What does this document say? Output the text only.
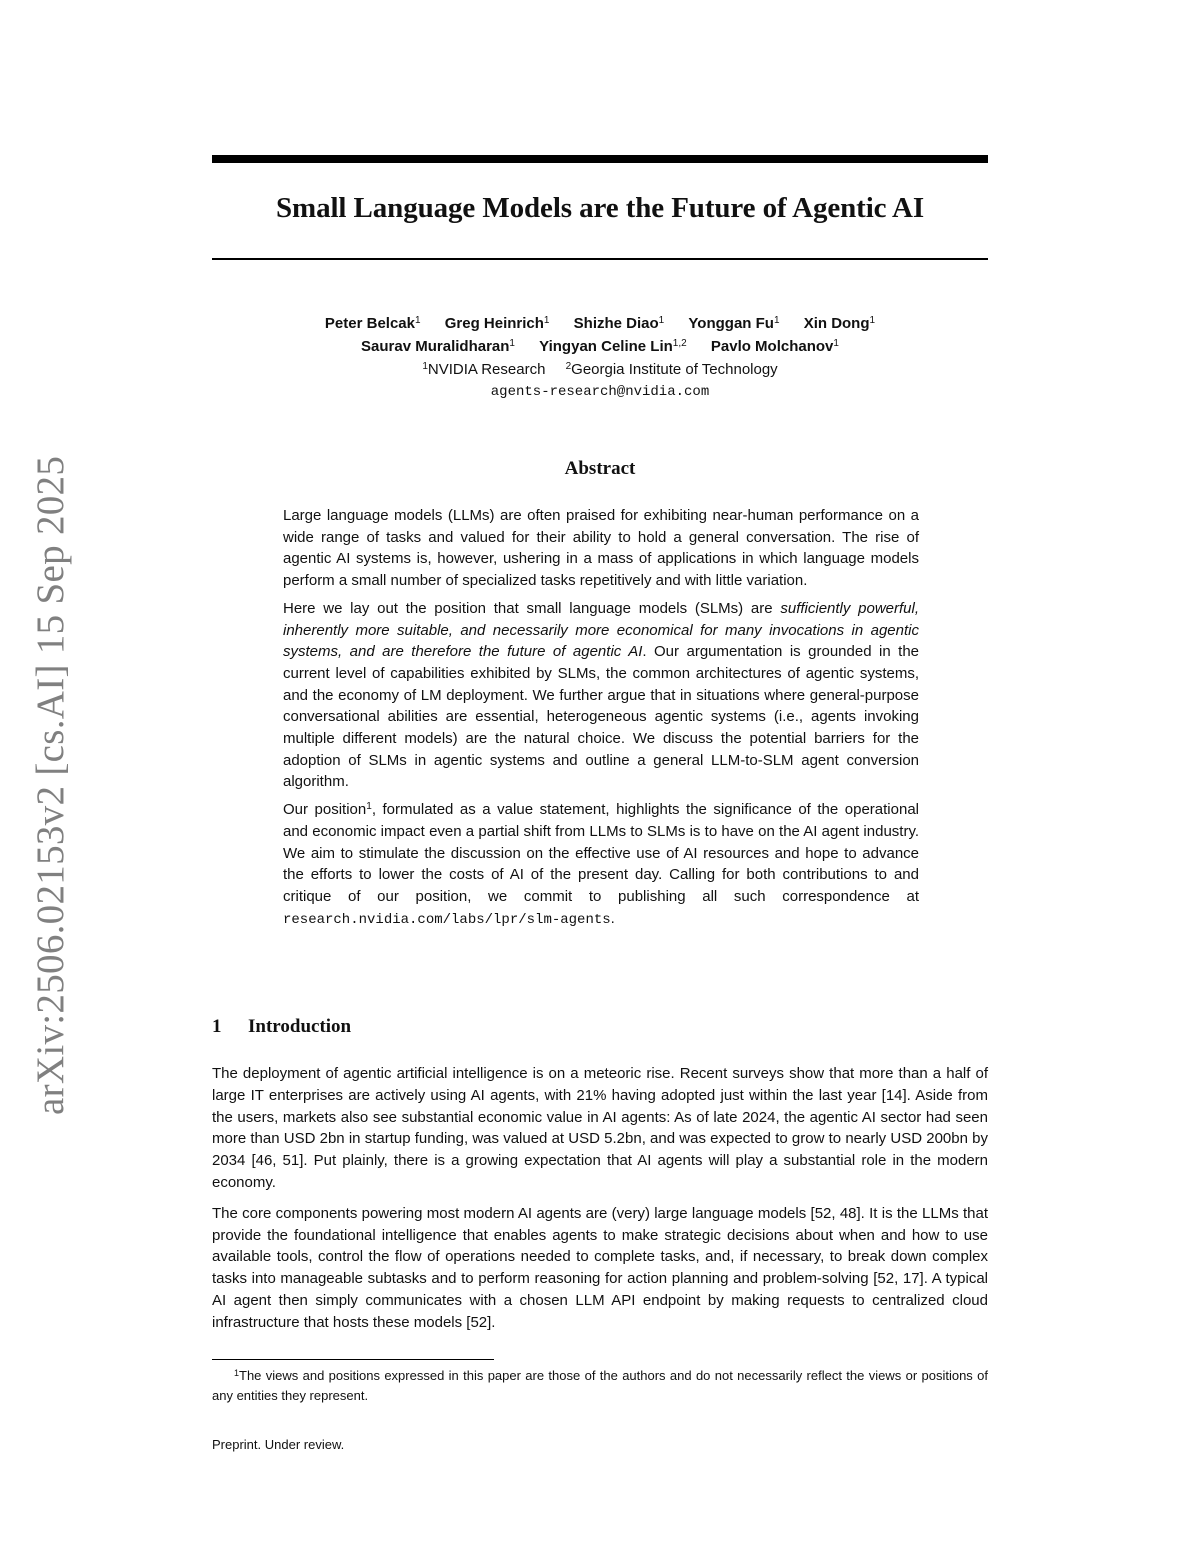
arXiv:2506.02153v2 [cs.AI] 15 Sep 2025
Small Language Models are the Future of Agentic AI
Peter Belcak$^1$ Greg Heinrich$^1$ Shizhe Diao$^1$ Yonggan Fu$^1$ Xin Dong$^1$
Saurav Muralidharan$^1$ Yingyan Celine Lin$^{1,2}$ Pavlo Molchanov$^1$
$^1$NVIDIA Research $^2$Georgia Institute of Technology
agents-research@nvidia.com
Abstract

Large language models (LLMs) are often praised for exhibiting near-human performance on a wide range of tasks and valued for their ability to hold a general conversation. The rise of agentic AI systems is, however, ushering in a mass of applications in which language models perform a small number of specialized tasks repetitively and with little variation.

Here we lay out the position that small language models (SLMs) are sufficiently powerful, inherently more suitable, and necessarily more economical for many invocations in agentic systems, and are therefore the future of agentic AI. Our argumentation is grounded in the current level of capabilities exhibited by SLMs, the common architectures of agentic systems, and the economy of LM deployment. We further argue that in situations where general-purpose conversational abilities are essential, heterogeneous agentic systems (i.e., agents invoking multiple different models) are the natural choice. We discuss the potential barriers for the adoption of SLMs in agentic systems and outline a general LLM-to-SLM agent conversion algorithm.

Our position$^1$, formulated as a value statement, highlights the significance of the operational and economic impact even a partial shift from LLMs to SLMs is to have on the AI agent industry. We aim to stimulate the discussion on the effective use of AI resources and hope to advance the efforts to lower the costs of AI of the present day. Calling for both contributions to and critique of our position, we commit to publishing all such correspondence at research.nvidia.com/labs/lpr/slm-agents.

1 Introduction

The deployment of agentic artificial intelligence is on a meteoric rise. Recent surveys show that more than a half of large IT enterprises are actively using AI agents, with 21% having adopted just within the last year [14]. Aside from the users, markets also see substantial economic value in AI agents: As of late 2024, the agentic AI sector had seen more than USD 2bn in startup funding, was valued at USD 5.2bn, and was expected to grow to nearly USD 200bn by 2034 [46, 51]. Put plainly, there is a growing expectation that AI agents will play a substantial role in the modern economy.

The core components powering most modern AI agents are (very) large language models [52, 48]. It is the LLMs that provide the foundational intelligence that enables agents to make strategic decisions about when and how to use available tools, control the flow of operations needed to complete tasks, and, if necessary, to break down complex tasks into manageable subtasks and to perform reasoning for action planning and problem-solving [52, 17]. A typical AI agent then simply communicates with a chosen LLM API endpoint by making requests to centralized cloud infrastructure that hosts these models [52].

$^1$The views and positions expressed in this paper are those of the authors and do not necessarily reflect the views or positions of any entities they represent.
Preprint. Under review.
